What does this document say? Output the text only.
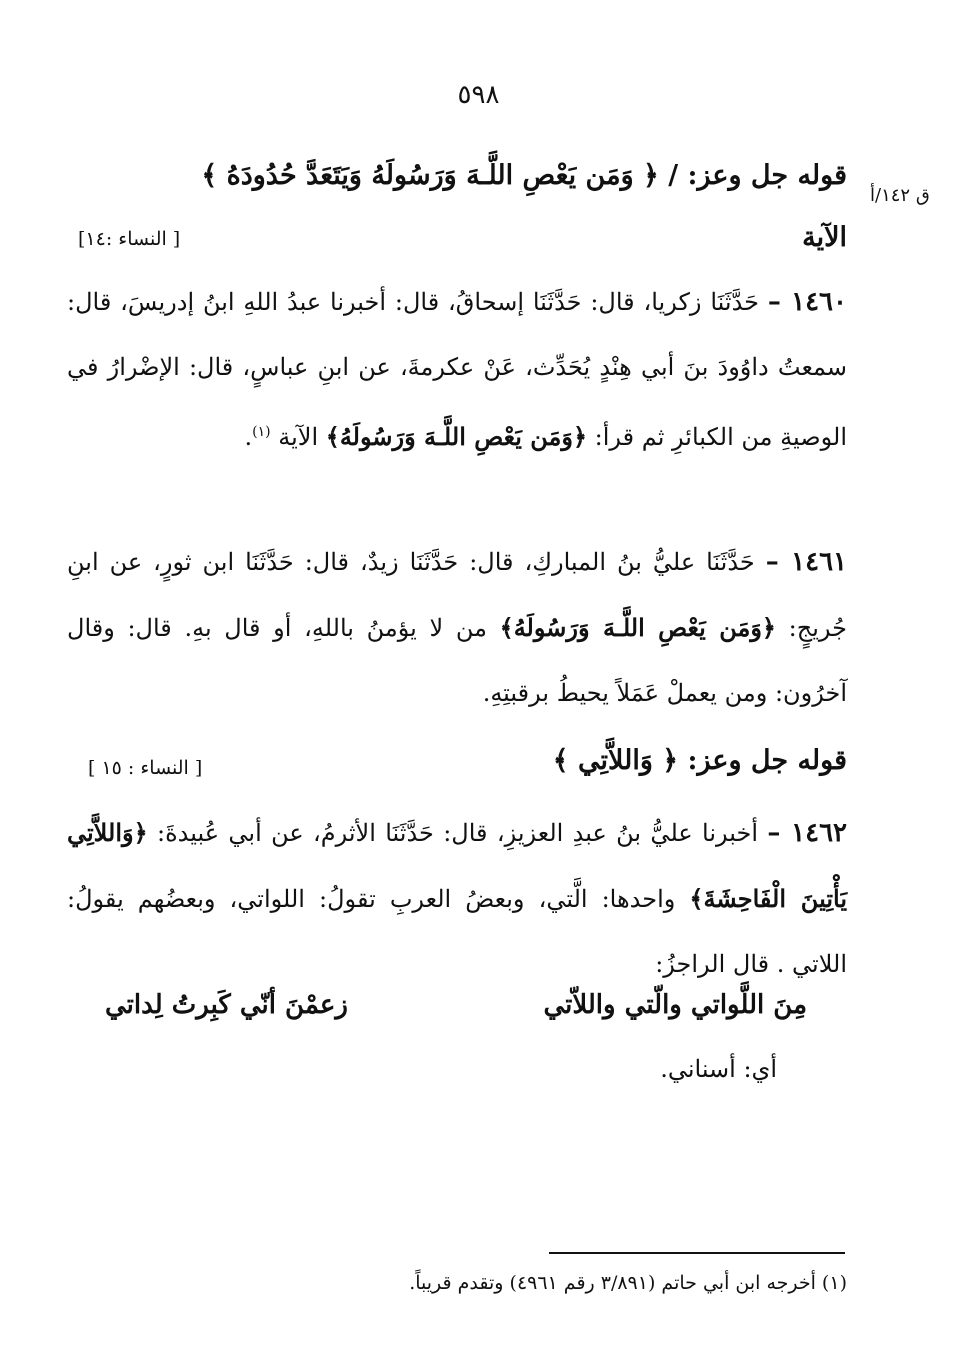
٥٩٨
ق ١٤٢/أ
قوله جل وعز: / ﴿ وَمَن يَعْصِ اللَّـهَ وَرَسُولَهُ وَيَتَعَدَّ حُدُودَهُ ﴾
الآية
[ النساء :١٤]
١٤٦٠ – حَدَّثَنَا زكريا، قال: حَدَّثَنَا إسحاقُ، قال: أخبرنا عبدُ اللهِ ابنُ إدريسَ، قال: سمعتُ داوُودَ بنَ أبي هِنْدٍ يُحَدِّث، عَنْ عكرمةَ، عن ابنِ عباسٍ، قال: الإضْرارُ في الوصيةِ من الكبائرِ ثم قرأ: ﴿وَمَن يَعْصِ اللَّـهَ وَرَسُولَهُ﴾ الآية $^{(١)}$.
١٤٦١ – حَدَّثَنَا عليُّ بنُ المباركِ، قال: حَدَّثَنَا زيدٌ، قال: حَدَّثَنَا ابن ثورٍ، عن ابنِ جُريجٍ: ﴿وَمَن يَعْصِ اللَّـهَ وَرَسُولَهُ﴾ من لا يؤمنُ باللهِ، أو قال بهِ. قال: وقال آخرُون: ومن يعملْ عَمَلاً يحيطُ برقبتِهِ.
قوله جل وعز: ﴿ وَاللاَّتِي ﴾
[ النساء : ١٥ ]
١٤٦٢ – أخبرنا عليُّ بنُ عبدِ العزيزِ، قال: حَدَّثَنَا الأثرمُ، عن أبي عُبيدةَ: ﴿وَاللاَّتِي يَأْتِينَ الْفَاحِشَةَ﴾ واحدها: الَّتي، وبعضُ العربِ تقولُ: اللواتي، وبعضُهم يقولُ: اللاتي . قال الراجزُ:
مِنَ اللَّواتي والّتي واللاّتي
زعمْنَ أنّي كَبِرتُ لِداتي
أي: أسناني.
(١) أخرجه ابن أبي حاتم (٣/٨٩١ رقم ٤٩٦١) وتقدم قريباً.
